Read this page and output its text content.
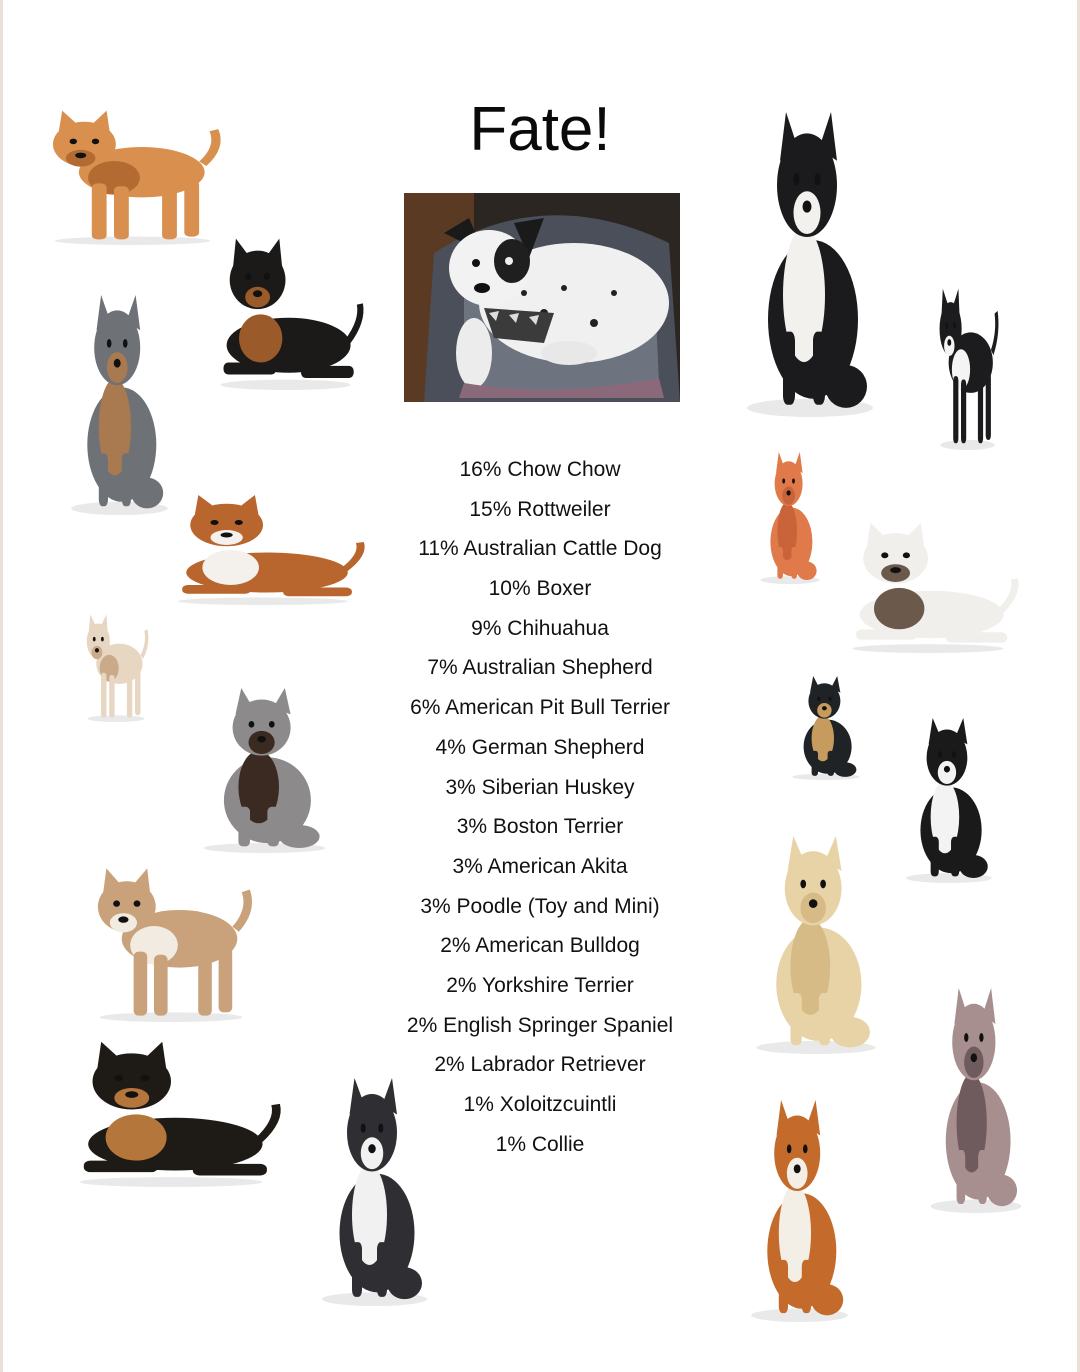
Fate!
16% Chow Chow
15% Rottweiler
11% Australian Cattle Dog
10% Boxer
9% Chihuahua
7% Australian Shepherd
6% American Pit Bull Terrier
4% German Shepherd
3% Siberian Huskey
3% Boston Terrier
3% American Akita
3% Poodle (Toy and Mini)
2% American Bulldog
2% Yorkshire Terrier
2% English Springer Spaniel
2% Labrador Retriever
1% Xoloitzcuintli
1% Collie
